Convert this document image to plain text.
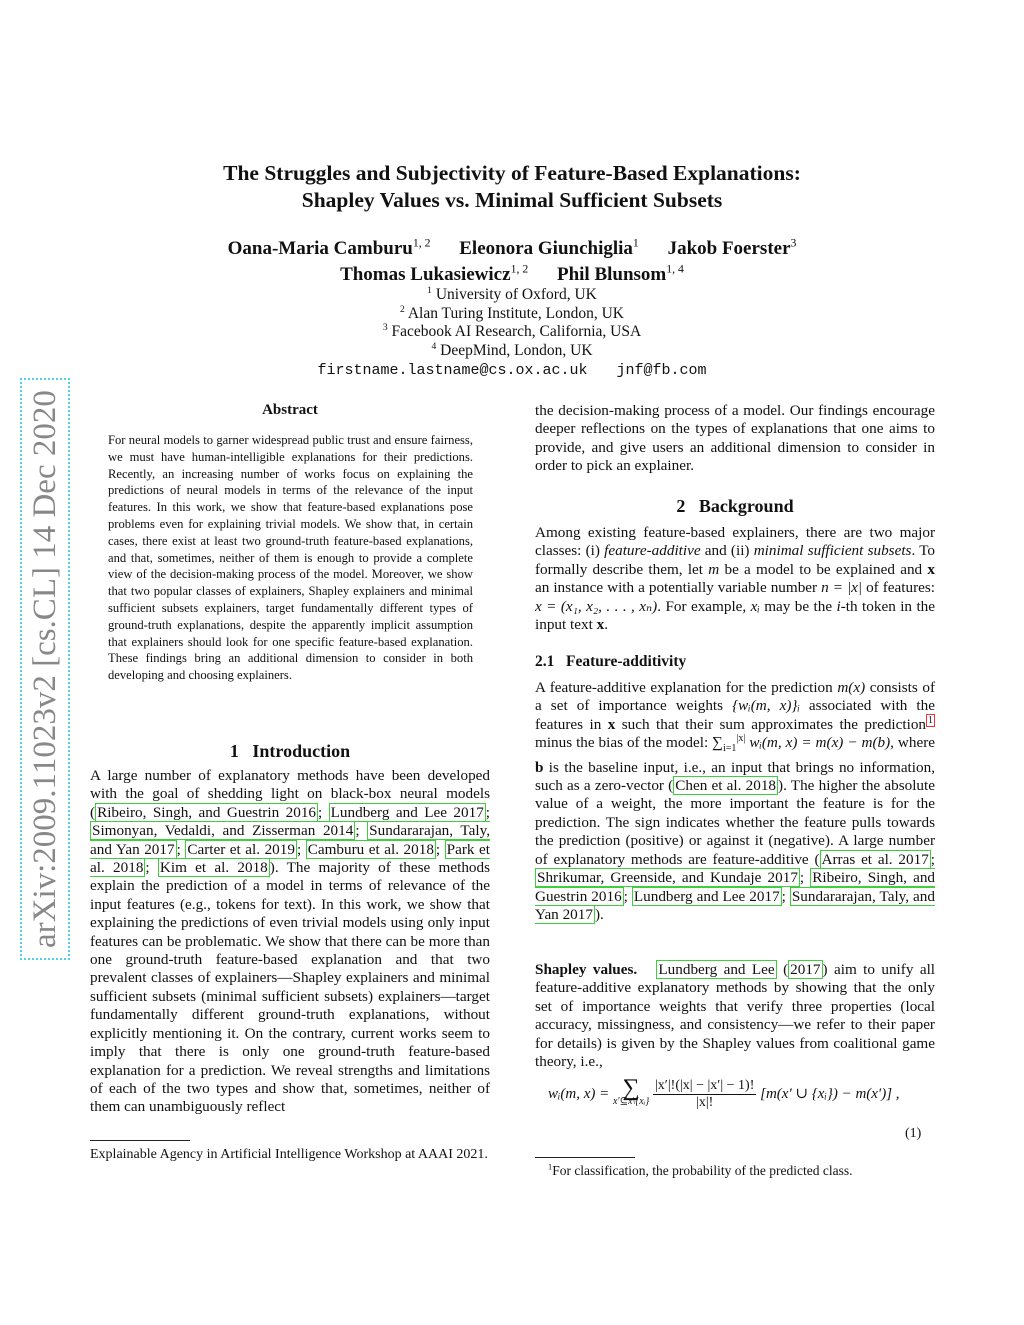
The Struggles and Subjectivity of Feature-Based Explanations:
Shapley Values vs. Minimal Sufficient Subsets
Oana-Maria Camburu$^{1, 2}$ Eleonora Giunchiglia$^1$ Jakob Foerster$^3$
Thomas Lukasiewicz$^{1, 2}$ Phil Blunsom$^{1, 4}$
$^1$ University of Oxford, UK
$^2$ Alan Turing Institute, London, UK
$^3$ Facebook AI Research, California, USA
$^4$ DeepMind, London, UK
firstname.lastname@cs.ox.ac.uk jnf@fb.com
arXiv:2009.11023v2 [cs.CL] 14 Dec 2020	Abstract
For neural models to garner widespread public trust and ensure fairness, we must have human-intelligible explanations for their predictions. Recently, an increasing number of works focus on explaining the predictions of neural models in terms of the relevance of the input features. In this work, we show that feature-based explanations pose problems even for explaining trivial models. We show that, in certain cases, there exist at least two ground-truth feature-based explanations, and that, sometimes, neither of them is enough to provide a complete view of the decision-making process of the model. Moreover, we show that two popular classes of explainers, Shapley explainers and minimal sufficient subsets explainers, target fundamentally different types of ground-truth explanations, despite the apparently implicit assumption that explainers should look for one specific feature-based explanation. These findings bring an additional dimension to consider in both developing and choosing explainers.
1 Introduction

A large number of explanatory methods have been developed with the goal of shedding light on black-box neural models ( Ribeiro, Singh, and Guestrin 2016 ; Lundberg and Lee 2017 ; Simonyan, Vedaldi, and Zisserman 2014 ; Sundararajan, Taly, and Yan 2017 ; Carter et al. 2019 ; Camburu et al. 2018 ; Park et al. 2018 ; Kim et al. 2018 ). The majority of these methods explain the prediction of a model in terms of relevance of the input features (e.g., tokens for text). In this work, we show that explaining the predictions of even trivial models using only input features can be problematic. We show that there can be more than one ground-truth feature-based explanation and that two prevalent classes of explainers—Shapley explainers and minimal sufficient subsets (minimal sufficient subsets) explainers—target fundamentally different ground-truth explanations, without explicitly mentioning it. On the contrary, current works seem to imply that there is only one ground-truth feature-based explanation for a prediction. We reveal strengths and limitations of each of the two types and show that, sometimes, neither of them can unambiguously reflect

Explainable Agency in Artificial Intelligence Workshop at AAAI 2021.
the decision-making process of a model. Our findings encourage deeper reflections on the types of explanations that one aims to provide, and give users an additional dimension to consider in order to pick an explainer.
2 Background

Among existing feature-based explainers, there are two major classes: (i) feature-additive and (ii) minimal sufficient subsets. To formally describe them, let m be a model to be explained and x an instance with a potentially variable number n = |x| of features: x = (x₁, x₂, . . . , xₙ). For example, xᵢ may be the i-th token in the input text x.

2.1 Feature-additivity

A feature-additive explanation for the prediction m(x) consists of a set of importance weights {wᵢ(m, x)}ᵢ associated with the features in x such that their sum approximates the prediction $^1$ minus the bias of the model: $\sum_{i=1}^{|x|}$ wᵢ(m, x) = m(x) − m(b), where b is the baseline input, i.e., an input that brings no information, such as a zero-vector ( Chen et al. 2018 ). The higher the absolute value of a weight, the more important the feature is for the prediction. The sign indicates whether the feature pulls towards the prediction (positive) or against it (negative). A large number of explanatory methods are feature-additive ( Arras et al. 2017 ; Shrikumar, Greenside, and Kundaje 2017 ; Ribeiro, Singh, and Guestrin 2016 ; Lundberg and Lee 2017 ; Sundararajan, Taly, and Yan 2017 ).

Shapley values. Lundberg and Lee ( 2017 ) aim to unify all feature-additive explanatory methods by showing that the only set of importance weights that verify three properties (local accuracy, missingness, and consistency—we refer to their paper for details) is given by the Shapley values from coalitional game theory, i.e.,

wᵢ(m, x) = ∑
x′⊆x\{xᵢ}
$\frac{|x'|!(|x| - |x'| - 1)!}{|x|!} [m(x'$ ∪ {xᵢ}) − m(x′)] ,
(1)
$^1$For classification, the probability of the predicted class.
